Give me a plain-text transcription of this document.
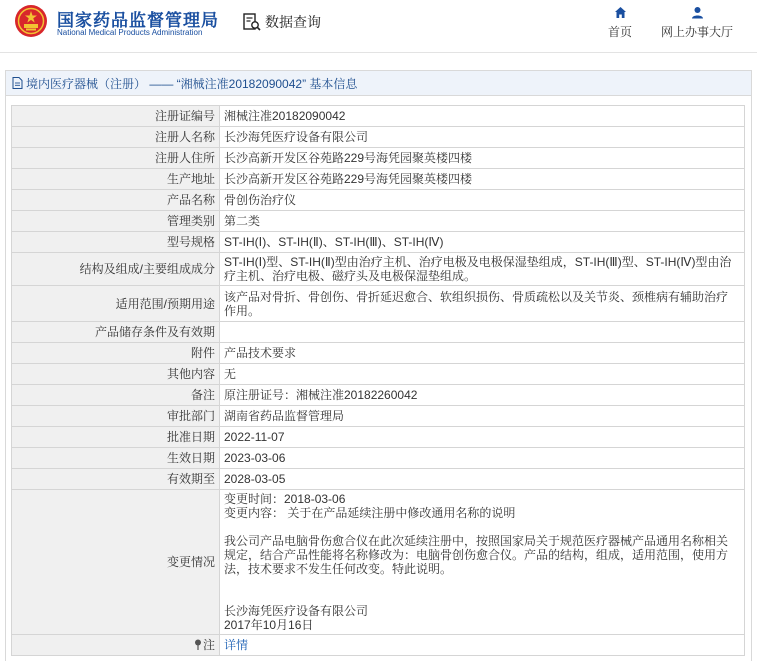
国家药品监督管理局
National Medical Products Administration
数据查询
首页	网上办事大厅
境内医疗器械（注册） —— “湘械注准20182090042” 基本信息
注册证编号	湘械注准20182090042
注册人名称	长沙海凭医疗设备有限公司
注册人住所	长沙高新开发区谷苑路229号海凭园聚英楼四楼
生产地址	长沙高新开发区谷苑路229号海凭园聚英楼四楼
产品名称	骨创伤治疗仪
管理类别	第二类
型号规格	ST-IH(Ⅰ)、ST-IH(Ⅱ)、ST-IH(Ⅲ)、ST-IH(Ⅳ)
结构及组成/主要组成成分	ST-IH(Ⅰ)型、ST-IH(Ⅱ)型由治疗主机、治疗电极及电极保湿垫组成，ST-IH(Ⅲ)型、ST-IH(Ⅳ)型由治疗主机、治疗电极、磁疗头及电极保湿垫组成。
适用范围/预期用途	该产品对骨折、骨创伤、骨折延迟愈合、软组织损伤、骨质疏松以及关节炎、颈椎病有辅助治疗作用。
产品储存条件及有效期	
附件	产品技术要求
其他内容	无
备注	原注册证号：湘械注准20182260042
审批部门	湖南省药品监督管理局
批准日期	2022-11-07
生效日期	2023-03-06
有效期至	2028-03-05
变更情况	变更时间：2018-03-06
变更内容： 关于在产品延续注册中修改通用名称的说明

我公司产品电脑骨伤愈合仪在此次延续注册中，按照国家局关于规范医疗器械产品通用名称相关规定，结合产品性能将名称修改为：电脑骨创伤愈合仪。产品的结构，组成，适用范围，使用方法，技术要求不发生任何改变。特此说明。

长沙海凭医疗设备有限公司
2017年10月16日
注	详情
